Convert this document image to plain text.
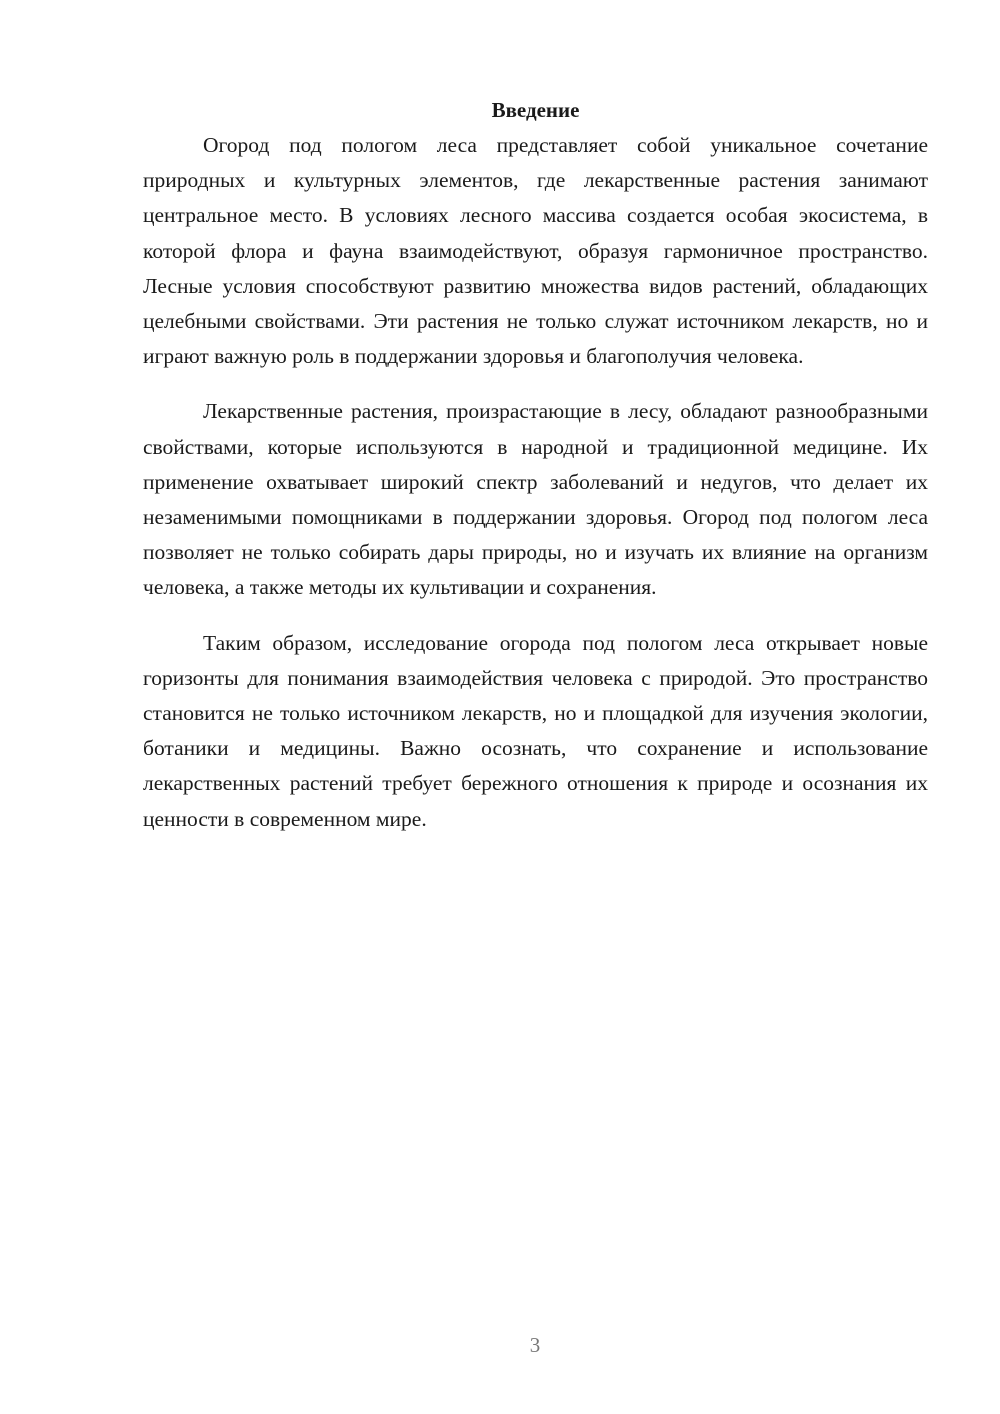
Введение

Огород под пологом леса представляет собой уникальное сочетание природных и культурных элементов, где лекарственные растения занимают центральное место. В условиях лесного массива создается особая экосистема, в которой флора и фауна взаимодействуют, образуя гармоничное пространство. Лесные условия способствуют развитию множества видов растений, обладающих целебными свойствами. Эти растения не только служат источником лекарств, но и играют важную роль в поддержании здоровья и благополучия человека.

Лекарственные растения, произрастающие в лесу, обладают разнообразными свойствами, которые используются в народной и традиционной медицине. Их применение охватывает широкий спектр заболеваний и недугов, что делает их незаменимыми помощниками в поддержании здоровья. Огород под пологом леса позволяет не только собирать дары природы, но и изучать их влияние на организм человека, а также методы их культивации и сохранения.

Таким образом, исследование огорода под пологом леса открывает новые горизонты для понимания взаимодействия человека с природой. Это пространство становится не только источником лекарств, но и площадкой для изучения экологии, ботаники и медицины. Важно осознать, что сохранение и использование лекарственных растений требует бережного отношения к природе и осознания их ценности в современном мире.

3
